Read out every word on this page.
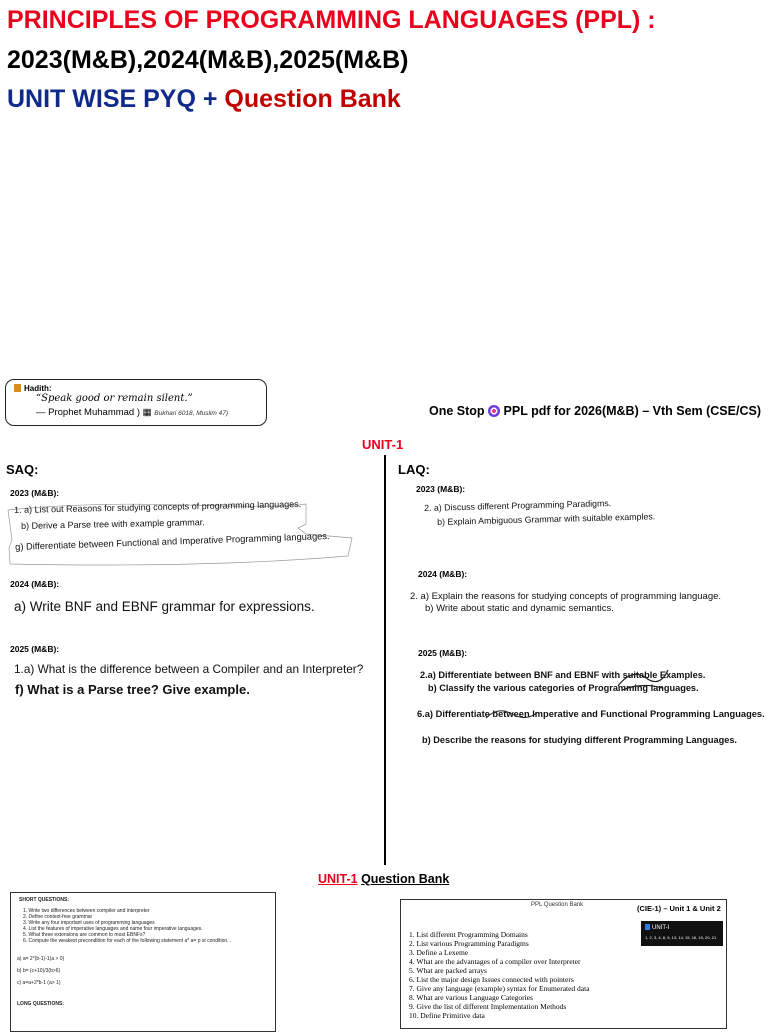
PRINCIPLES OF PROGRAMMING LANGUAGES (PPL) :
2023(M&B),2024(M&B),2025(M&B)
UNIT WISE PYQ + Question Bank
Hadith:
“Speak good or remain silent.”
— Prophet Muhammad ) ▦ Bukhari 6018, Muslim 47)	One Stop PPL pdf for 2026(M&B) – Vth Sem (CSE/CS)
UNIT-1
SAQ:
2023 (M&B):
1. a) List out Reasons for studying concepts of programming languages.
b) Derive a Parse tree with example grammar.
g) Differentiate between Functional and Imperative Programming languages.
2024 (M&B):
a) Write BNF and EBNF grammar for expressions.
2025 (M&B):
1.a) What is the difference between a Compiler and an Interpreter?
f) What is a Parse tree? Give example.
LAQ:
2023 (M&B):
2. a) Discuss different Programming Paradigms.
b) Explain Ambiguous Grammar with suitable examples.
2024 (M&B):
2. a) Explain the reasons for studying concepts of programming language.
b) Write about static and dynamic semantics.
2025 (M&B):
2.a) Differentiate between BNF and EBNF with suitable Examples.
b) Classify the various categories of Programming languages.
6.a) Differentiate between Imperative and Functional Programming Languages.
b) Describe the reasons for studying different Programming Languages.
UNIT-1 Question Bank
SHORT QUESTIONS:
1. Write two differences between compiler and interpreter
2. Define context-free grammar
3. Write any four important uses of programming languages
4. List the features of imperative languages and name four imperative languages.
5. What three extensions are common to most EBNFs?
6. Compute the weakest precondition for each of the following statement a* a= p st condition. .
a) a= 2*(b-1)-1(a > 0)
b) b= (c+10)/3(b>6)
c) a=a+2*b-1 (a> 1)
LONG QUESTIONS:
PPL Question Bank	(CIE-1) – Unit 1 & Unit 2
UNIT-I
1, 2, 3, 4, 8, 9, 13, 14, 15, 16, 19, 20, 21
1. List different Programming Domains
2. List various Programming Paradigms
3. Define a Lexeme
4. What are the advantages of a compiler over Interpreter
5. What are packed arrays
6. List the major design Issues connected with pointers
7. Give any language (example) syntax for Enumerated data
8. What are various Language Categories
9. Give the list of different Implementation Methods
10. Define Primitive data
